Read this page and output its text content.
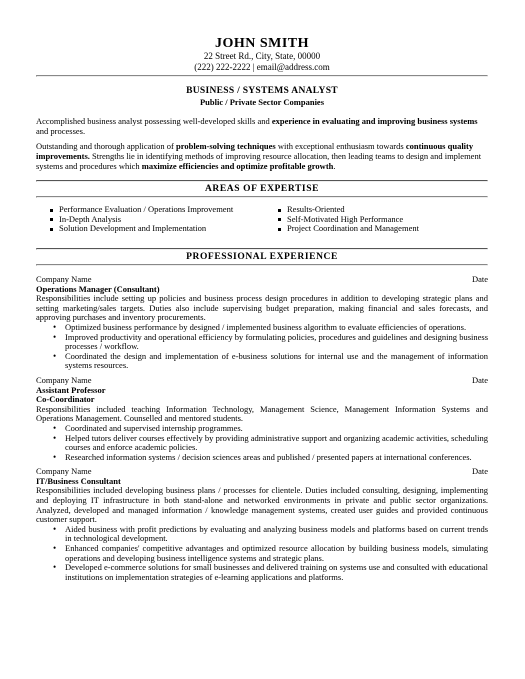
JOHN SMITH
22 Street Rd., City, State, 00000
(222) 222-2222 | email@address.com
BUSINESS / SYSTEMS ANALYST
Public / Private Sector Companies

Accomplished business analyst possessing well-developed skills and experience in evaluating and improving business systems and processes.

Outstanding and thorough application of problem-solving techniques with exceptional enthusiasm towards continuous quality improvements. Strengths lie in identifying methods of improving resource allocation, then leading teams to design and implement systems and procedures which maximize efficiencies and optimize profitable growth.

AREAS OF EXPERTISE
Performance Evaluation / Operations Improvement
In-Depth Analysis
Solution Development and Implementation
Results-Oriented
Self-Motivated High Performance
Project Coordination and Management
PROFESSIONAL EXPERIENCE
Company Name	Date
Operations Manager (Consultant)
Responsibilities include setting up policies and business process design procedures in addition to developing strategic plans and setting marketing/sales targets. Duties also include supervising budget preparation, making financial and sales forecasts, and approving purchases and inventory procurements.
• Optimized business performance by designed / implemented business algorithm to evaluate efficiencies of operations.
• Improved productivity and operational efficiency by formulating policies, procedures and guidelines and designing business processes / workflow.
• Coordinated the design and implementation of e-business solutions for internal use and the management of information systems resources.
Company Name	Date
Assistant Professor
Co-Coordinator
Responsibilities included teaching Information Technology, Management Science, Management Information Systems and Operations Management. Counselled and mentored students.
• Coordinated and supervised internship programmes.
• Helped tutors deliver courses effectively by providing administrative support and organizing academic activities, scheduling courses and enforce academic policies.
• Researched information systems / decision sciences areas and published / presented papers at international conferences.
Company Name	Date
IT/Business Consultant
Responsibilities included developing business plans / processes for clientele. Duties included consulting, designing, implementing and deploying IT infrastructure in both stand-alone and networked environments in private and public sector organizations. Analyzed, developed and managed information / knowledge management systems, created user guides and provided continuous customer support.
• Aided business with profit predictions by evaluating and analyzing business models and platforms based on current trends in technological development.
• Enhanced companies' competitive advantages and optimized resource allocation by building business models, simulating operations and developing business intelligence systems and strategic plans.
• Developed e-commerce solutions for small businesses and delivered training on systems use and consulted with educational institutions on implementation strategies of e-learning applications and platforms.
